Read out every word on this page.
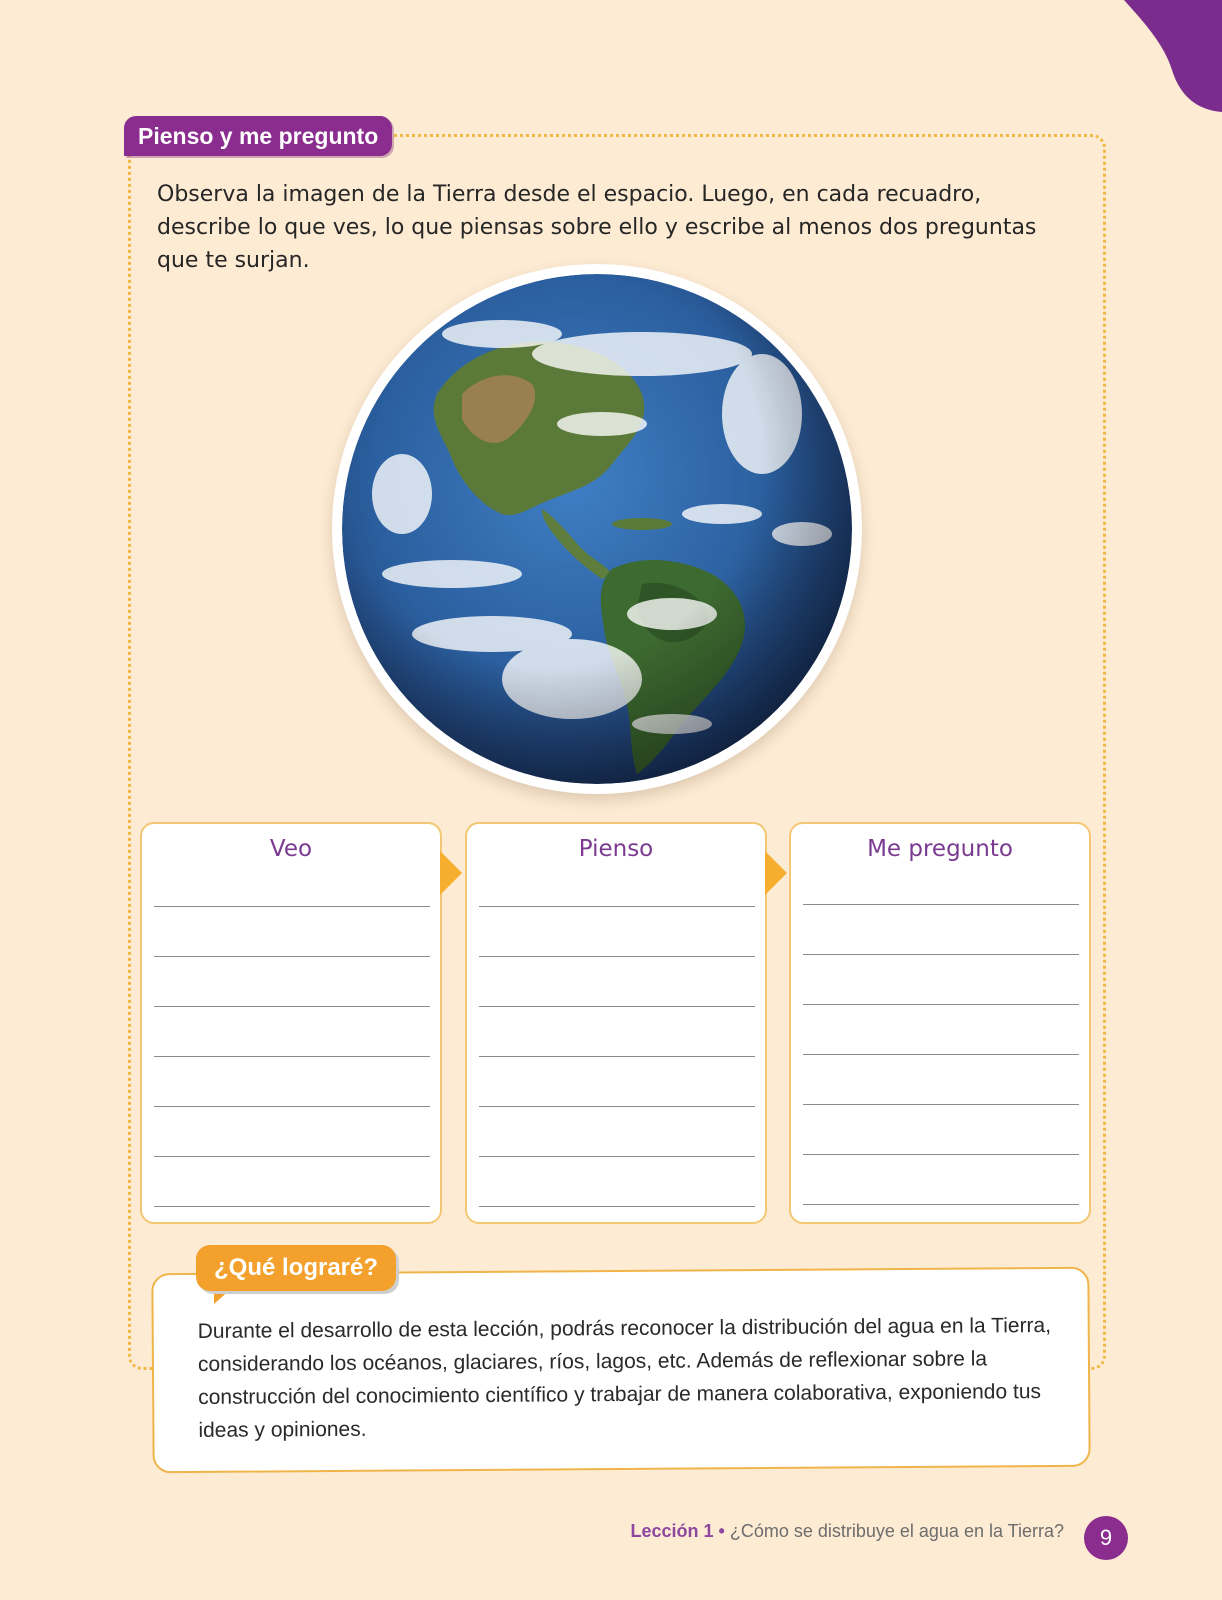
Pienso y me pregunto

Observa la imagen de la Tierra desde el espacio. Luego, en cada recuadro, describe lo que ves, lo que piensas sobre ello y escribe al menos dos preguntas que te surjan.

Veo	Pienso	Me pregunto

Durante el desarrollo de esta lección, podrás reconocer la distribución del agua en la Tierra, considerando los océanos, glaciares, ríos, lagos, etc. Además de reflexionar sobre la construcción del conocimiento científico y trabajar de manera colaborativa, exponiendo tus ideas y opiniones.

¿Qué lograré?
Lección 1 • ¿Cómo se distribuye el agua en la Tierra?	9
